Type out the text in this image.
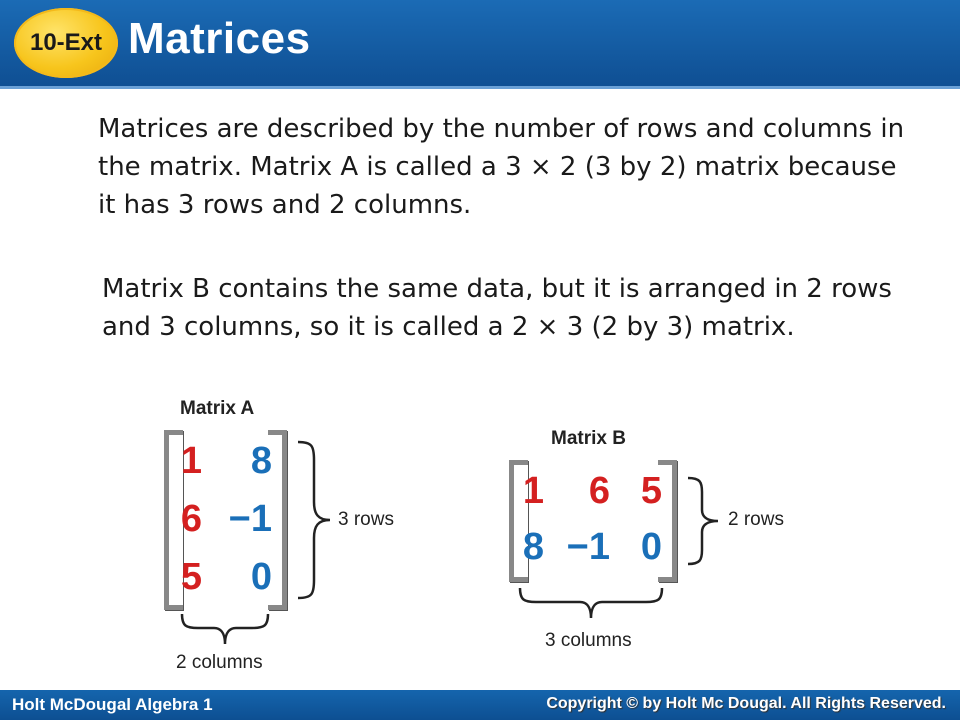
10-Ext Matrices

Matrices are described by the number of rows and columns in the matrix. Matrix A is called a 3 × 2 (3 by 2) matrix because it has 3 rows and 2 columns.

Matrix B contains the same data, but it is arranged in 2 rows and 3 columns, so it is called a 2 × 3 (2 by 3) matrix.

Matrix A
1	8
6 −1
5	0
3 rows
2 columns
Matrix B
1 6 5
8 −1 0
2 rows
3 columns
Holt McDougal Algebra 1	Copyright © by Holt Mc Dougal. All Rights Reserved.
